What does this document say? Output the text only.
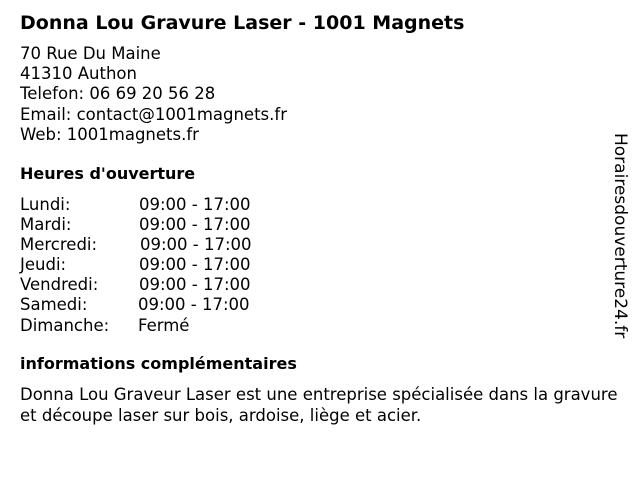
Donna Lou Gravure Laser - 1001 Magnets
70 Rue Du Maine
41310 Authon
Telefon: 06 69 20 56 28
Email: contact@1001magnets.fr
Web: 1001magnets.fr
Heures d'ouverture
Lundi:	09:00 - 17:00
Mardi:	09:00 - 17:00
Mercredi:	09:00 - 17:00
Jeudi:	09:00 - 17:00
Vendredi: 09:00 - 17:00
Samedi:	09:00 - 17:00
Dimanche: Fermé
informations complémentaires
Donna Lou Graveur Laser est une entreprise spécialisée dans la gravure et découpe laser sur bois, ardoise, liège et acier.
Horairesdouverture24.fr
